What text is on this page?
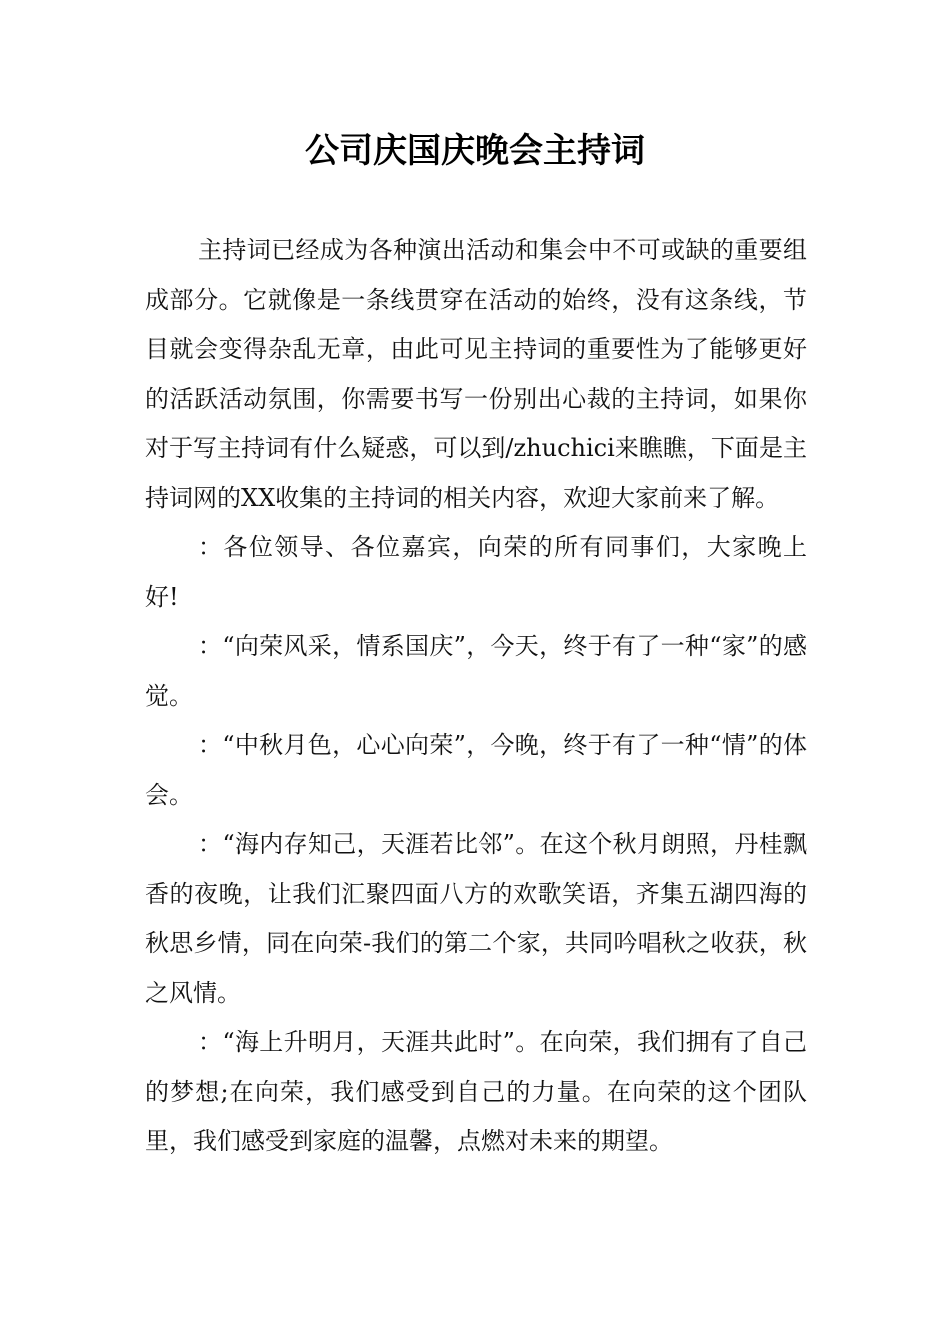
公司庆国庆晚会主持词

主持词已经成为各种演出活动和集会中不可或缺的重要组成部分。它就像是一条线贯穿在活动的始终，没有这条线，节目就会变得杂乱无章，由此可见主持词的重要性为了能够更好的活跃活动氛围，你需要书写一份别出心裁的主持词，如果你对于写主持词有什么疑惑，可以到/zhuchici来瞧瞧，下面是主持词网的XX收集的主持词的相关内容，欢迎大家前来了解。

：各位领导、各位嘉宾，向荣的所有同事们，大家晚上好!

：“向荣风采，情系国庆”，今天，终于有了一种“家”的感觉。

：“中秋月色，心心向荣”，今晚，终于有了一种“情”的体会。

：“海内存知己，天涯若比邻”。在这个秋月朗照，丹桂飘香的夜晚，让我们汇聚四面八方的欢歌笑语，齐集五湖四海的秋思乡情，同在向荣-我们的第二个家，共同吟唱秋之收获，秋之风情。

：“海上升明月，天涯共此时”。在向荣，我们拥有了自己的梦想;在向荣，我们感受到自己的力量。在向荣的这个团队里，我们感受到家庭的温馨，点燃对未来的期望。
